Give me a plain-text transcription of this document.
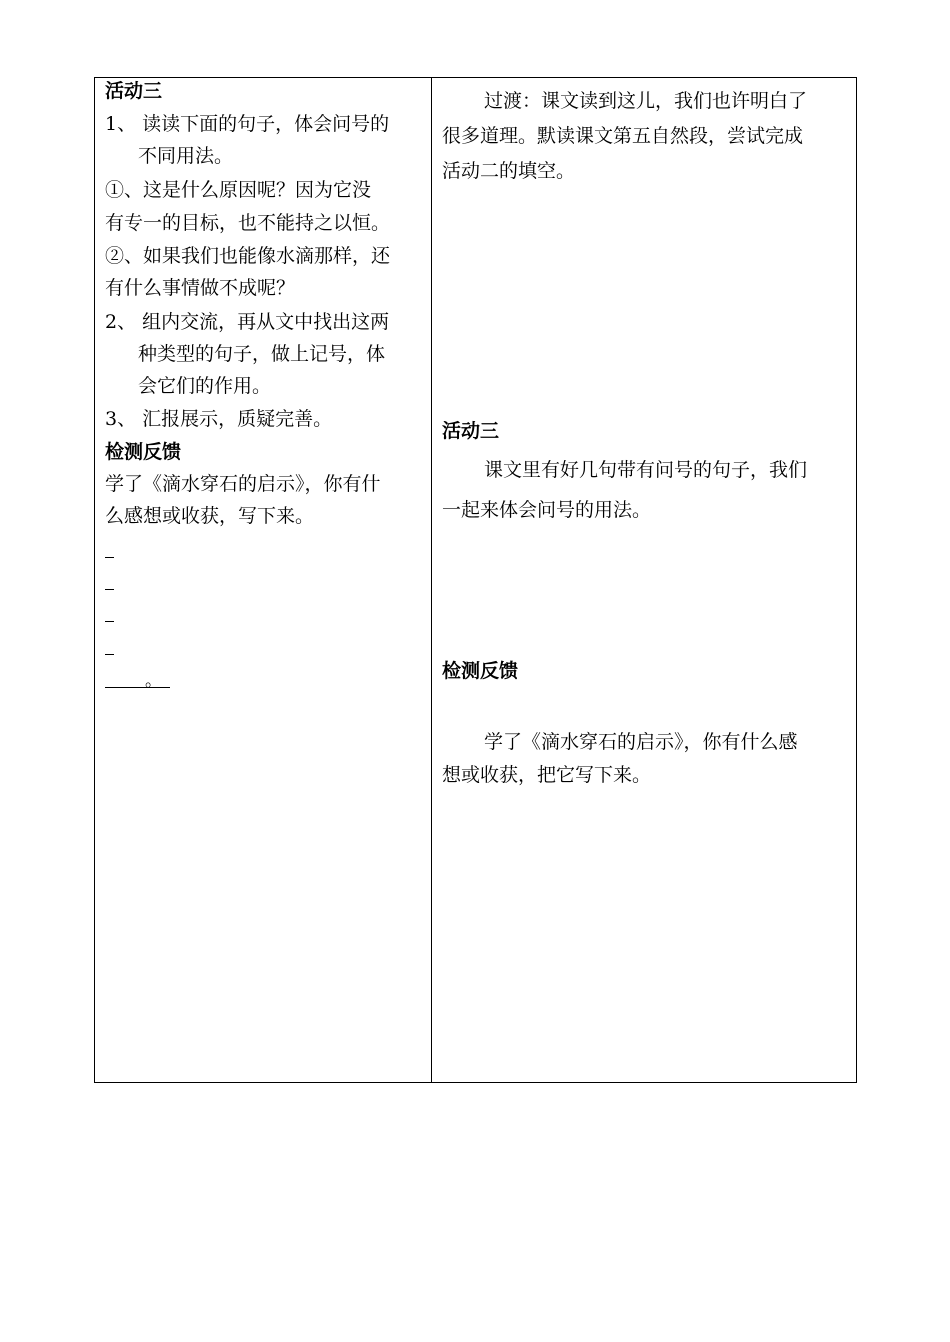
活动三
1、 读读下面的句子，体会问号的
不同用法。
①、这是什么原因呢？因为它没
有专一的目标，也不能持之以恒。
②、如果我们也能像水滴那样，还
有什么事情做不成呢？
2、 组内交流，再从文中找出这两
种类型的句子，做上记号，体
会它们的作用。
3、 汇报展示，质疑完善。
检测反馈
学了《滴水穿石的启示》，你有什
么感想或收获，写下来。
。
过渡：课文读到这儿，我们也许明白了
很多道理。默读课文第五自然段，尝试完成
活动二的填空。
活动三
课文里有好几句带有问号的句子，我们
一起来体会问号的用法。
检测反馈
学了《滴水穿石的启示》，你有什么感
想或收获，把它写下来。
